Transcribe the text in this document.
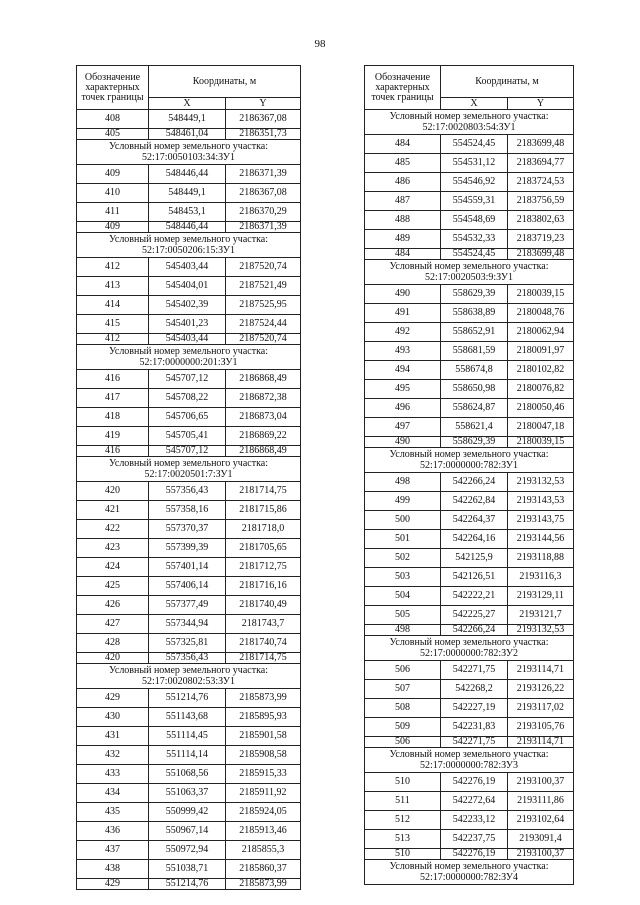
98
Обозначение характерных точек границы	Координаты, м	
	X	Y
408	548449,1	2186367,08
405	548461,04	2186351,73
Условный номер земельного участка: 52:17:0050103:34:ЗУ1		
409	548446,44	2186371,39
410	548449,1	2186367,08
411	548453,1	2186370,29
409	548446,44	2186371,39
Условный номер земельного участка: 52:17:0050206:15:ЗУ1		
412	545403,44	2187520,74
413	545404,01	2187521,49
414	545402,39	2187525,95
415	545401,23	2187524,44
412	545403,44	2187520,74
Условный номер земельного участка: 52:17:0000000:201:ЗУ1		
416	545707,12	2186868,49
417	545708,22	2186872,38
418	545706,65	2186873,04
419	545705,41	2186869,22
416	545707,12	2186868,49
Условный номер земельного участка: 52:17:0020501:7:ЗУ1		
420	557356,43	2181714,75
421	557358,16	2181715,86
422	557370,37	2181718,0
423	557399,39	2181705,65
424	557401,14	2181712,75
425	557406,14	2181716,16
426	557377,49	2181740,49
427	557344,94	2181743,7
428	557325,81	2181740,74
420	557356,43	2181714,75
Условный номер земельного участка: 52:17:0020802:53:ЗУ1		
429	551214,76	2185873,99
430	551143,68	2185895,93
431	551114,45	2185901,58
432	551114,14	2185908,58
433	551068,56	2185915,33
434	551063,37	2185911,92
435	550999,42	2185924,05
436	550967,14	2185913,46
437	550972,94	2185855,3
438	551038,71	2185860,37
429	551214,76	2185873,99
Обозначение характерных точек границы	Координаты, м	
	X	Y
Условный номер земельного участка: 52:17:0020803:54:ЗУ1		
484	554524,45	2183699,48
485	554531,12	2183694,77
486	554546,92	2183724,53
487	554559,31	2183756,59
488	554548,69	2183802,63
489	554532,33	2183719,23
484	554524,45	2183699,48
Условный номер земельного участка: 52:17:0020503:9:ЗУ1		
490	558629,39	2180039,15
491	558638,89	2180048,76
492	558652,91	2180062,94
493	558681,59	2180091,97
494	558674,8	2180102,82
495	558650,98	2180076,82
496	558624,87	2180050,46
497	558621,4	2180047,18
490	558629,39	2180039,15
Условный номер земельного участка: 52:17:0000000:782:ЗУ1		
498	542266,24	2193132,53
499	542262,84	2193143,53
500	542264,37	2193143,75
501	542264,16	2193144,56
502	542125,9	2193118,88
503	542126,51	2193116,3
504	542222,21	2193129,11
505	542225,27	2193121,7
498	542266,24	2193132,53
Условный номер земельного участка: 52:17:0000000:782:ЗУ2		
506	542271,75	2193114,71
507	542268,2	2193126,22
508	542227,19	2193117,02
509	542231,83	2193105,76
506	542271,75	2193114,71
Условный номер земельного участка: 52:17:0000000:782:ЗУ3		
510	542276,19	2193100,37
511	542272,64	2193111,86
512	542233,12	2193102,64
513	542237,75	2193091,4
510	542276,19	2193100,37
Условный номер земельного участка: 52:17:0000000:782:ЗУ4		
